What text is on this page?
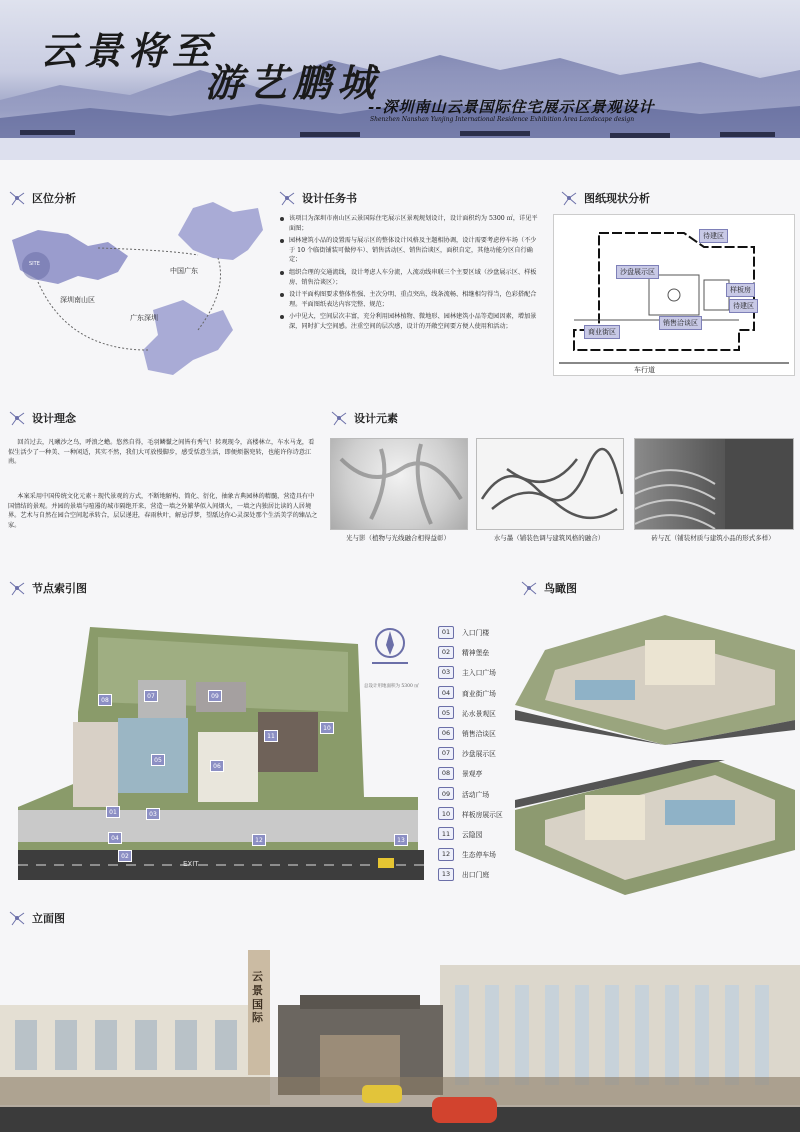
云景将至
游艺鹏城
--深圳南山云景国际住宅展示区景观设计
Shenzhen Nanshan Yunjing International Residence Exhibition Area Landscape design
区位分析
SITE
中国广东
深圳南山区
广东深圳
设计任务书
该项目为深圳市南山区云景国际住宅展示区景观规划设计，设计面积约为 5300 ㎡，详见平面图；
园林建筑小品的设置需与展示区的整体设计风格及主题相协调，设计需要考虑停车场（不少于 10 个临街铺装可做停车）、销售活动区、销售洽谈区，面积自定，其他功能分区自行确定；
组织合理的交通流线，设计考虑人车分流，人流动线串联三个主要区域（沙盘展示区、样板房、销售洽谈区）；
设计平面构图要求整体性强、主次分明、重点突出，线条流畅、相继相匀得当，色彩搭配合理。平面图纸表达内容完整、规范；
小中见大，空间层次丰富，充分利用园林植物、微地形、园林建筑小品等造园因素，增加景深，同时扩大空间感。注重空间的层次感，设计的开敞空间要方便人使用和活动；
图纸现状分析
待建区
沙盘展示区
样板房
待建区
商业街区
销售洽谈区
车行道
设计理念
回首过去，凡曦沙之鸟，呼浪之蟾。悠然自得，毛羽鳞鬣之间皆有秀气！转观现今，高楼林立，车水马龙，看似生活少了一种美、一种闲适，其实不然，我们大可放慢脚步，感受恬意生活，即便烦嚣兜转，也能许你诗意江南。
本案采用中国传统文化元素＋现代景观的方式，不断地解构、简化、衍化，抽象古典园林的精髓，营造具有中国情结的景观。并园的景墙与喧嚣的城市隔绝开来，营造一墙之外繁华似入间烟火，一墙之内独居比读的人居境界。艺术与自然在园合空间起承转合，层层递进，春雨秋叶，解忌浮梦，望舐达你心灵深处那个生活美学的臻品之家。
设计元素
光与影（植物与光线融合相得益彰）	水与墨（铺装色调与建筑风格的融合）	砖与瓦（铺装材质与建筑小品的形式多样）
节点索引图
01
02
03
04
05
06
07
08
09
10
11
12	13
EXIT
总设计用地面积为 5300 ㎡
01	入口门楼
02	精神堡垒
03	主入口广场
04	商业街广场
05	沁水景观区
06	销售洽谈区
07	沙盘展示区
08	景观亭
09	活动广场
10	样板房展示区
11	云隐园
12	生态停车场
13	出口门庭
鸟瞰图
立面图
云景国际
